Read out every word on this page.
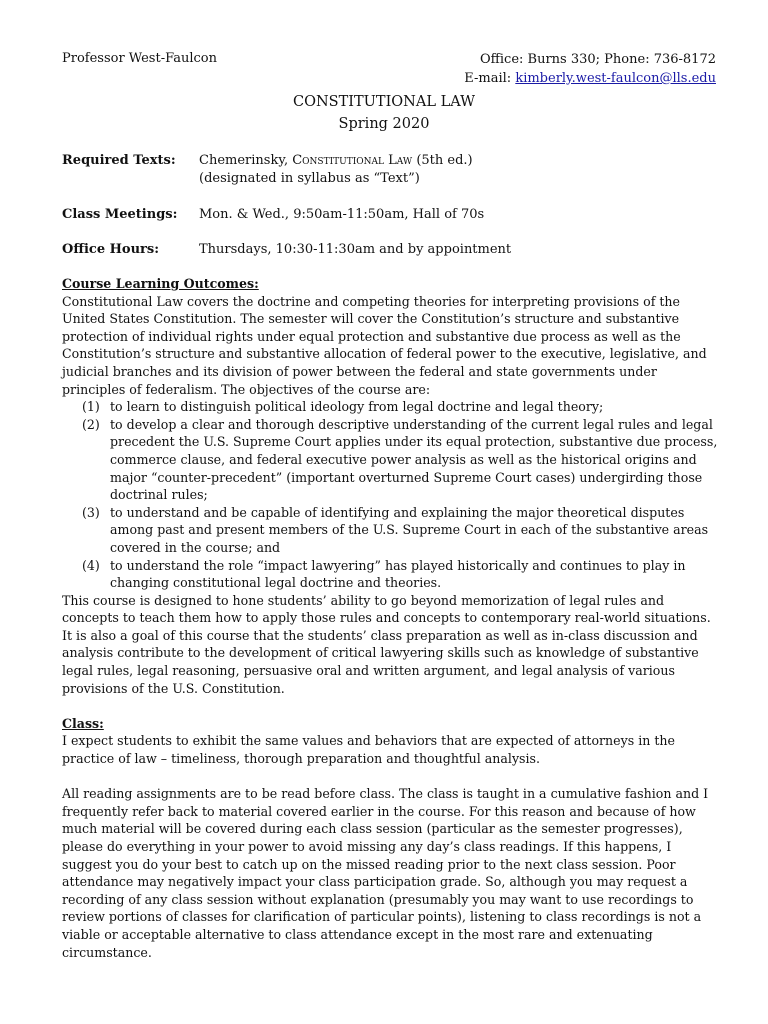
Professor West-Faulcon	Office: Burns 330; Phone: 736-8172
E-mail: kimberly.west-faulcon@lls.edu
CONSTITUTIONAL LAW
Spring 2020
Required Texts: Chemerinsky, Constitutional Law (5th ed.)
(designated in syllabus as “Text”)
Class Meetings: Mon. & Wed., 9:50am-11:50am, Hall of 70s
Office Hours:	Thursdays, 10:30-11:30am and by appointment
Course Learning Outcomes:

Constitutional Law covers the doctrine and competing theories for interpreting provisions of the United States Constitution. The semester will cover the Constitution’s structure and substantive protection of individual rights under equal protection and substantive due process as well as the Constitution’s structure and substantive allocation of federal power to the executive, legislative, and judicial branches and its division of power between the federal and state governments under principles of federalism. The objectives of the course are:

(1) to learn to distinguish political ideology from legal doctrine and legal theory;
(2) to develop a clear and thorough descriptive understanding of the current legal rules and legal precedent the U.S. Supreme Court applies under its equal protection, substantive due process, commerce clause, and federal executive power analysis as well as the historical origins and major “counter-precedent” (important overturned Supreme Court cases) undergirding those doctrinal rules;
(3) to understand and be capable of identifying and explaining the major theoretical disputes among past and present members of the U.S. Supreme Court in each of the substantive areas covered in the course; and
(4) to understand the role “impact lawyering” has played historically and continues to play in changing constitutional legal doctrine and theories.

This course is designed to hone students’ ability to go beyond memorization of legal rules and concepts to teach them how to apply those rules and concepts to contemporary real-world situations. It is also a goal of this course that the students’ class preparation as well as in-class discussion and analysis contribute to the development of critical lawyering skills such as knowledge of substantive legal rules, legal reasoning, persuasive oral and written argument, and legal analysis of various provisions of the U.S. Constitution.

Class:

I expect students to exhibit the same values and behaviors that are expected of attorneys in the practice of law – timeliness, thorough preparation and thoughtful analysis.

All reading assignments are to be read before class. The class is taught in a cumulative fashion and I frequently refer back to material covered earlier in the course. For this reason and because of how much material will be covered during each class session (particular as the semester progresses), please do everything in your power to avoid missing any day’s class readings. If this happens, I suggest you do your best to catch up on the missed reading prior to the next class session. Poor attendance may negatively impact your class participation grade. So, although you may request a recording of any class session without explanation (presumably you may want to use recordings to review portions of classes for clarification of particular points), listening to class recordings is not a viable or acceptable alternative to class attendance except in the most rare and extenuating circumstance.
